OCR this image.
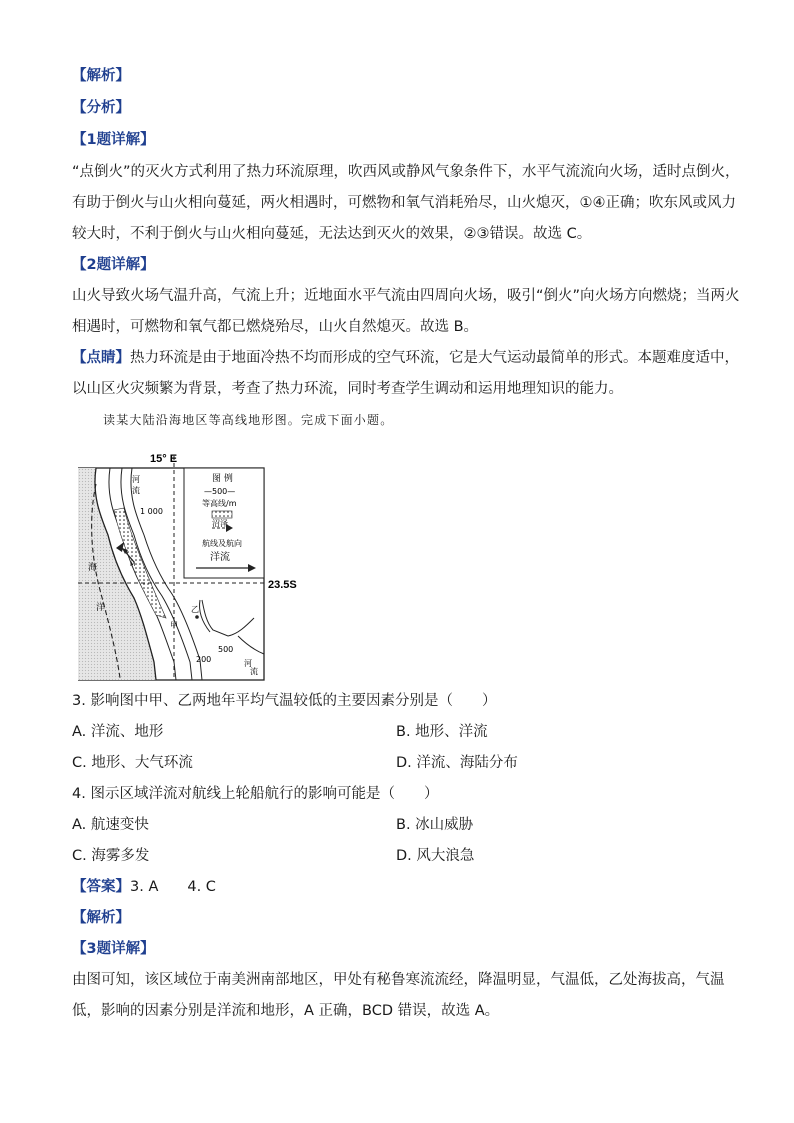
【解析】
【分析】
【1题详解】
“点倒火”的灭火方式利用了热力环流原理，吹西风或静风气象条件下，水平气流流向火场，适时点倒火，
有助于倒火与山火相向蔓延，两火相遇时，可燃物和氧气消耗殆尽，山火熄灭，①④正确；吹东风或风力
较大时，不利于倒火与山火相向蔓延，无法达到灭火的效果，②③错误。故选 C。
【2题详解】
山火导致火场气温升高，气流上升；近地面水平气流由四周向火场，吸引“倒火”向火场方向燃烧；当两火
相遇时，可燃物和氧气都已燃烧殆尽，山火自然熄灭。故选 B。
【点睛】热力环流是由于地面冷热不均而形成的空气环流，它是大气运动最简单的形式。本题难度适中，
以山区火灾频繁为背景，考查了热力环流，同时考查学生调动和运用地理知识的能力。
读某大陆沿海地区等高线地形图。完成下面小题。
15° E
23.5S
图 例
—500—
等高线/m
沼泽
航线及航向
洋流
河
流
1 000
500
200
海
洋
甲
乙
M
河
流
3. 影响图中甲、乙两地年平均气温较低的主要因素分别是（　　）
A. 洋流、地形	B. 地形、洋流
C. 地形、大气环流	D. 洋流、海陆分布
4. 图示区域洋流对航线上轮船航行的影响可能是（　　）
A. 航速变快	B. 冰山威胁
C. 海雾多发	D. 风大浪急
【答案】3. A　　4. C
【解析】
【3题详解】
由图可知，该区域位于南美洲南部地区，甲处有秘鲁寒流流经，降温明显，气温低，乙处海拔高，气温
低，影响的因素分别是洋流和地形，A 正确，BCD 错误，故选 A。
